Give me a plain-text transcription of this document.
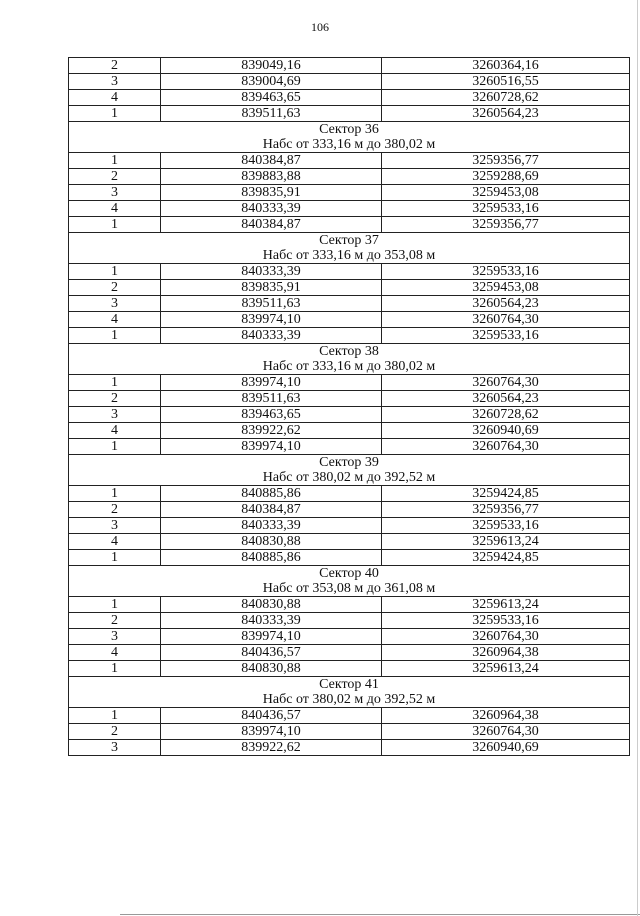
106
2	839049,16	3260364,16
3	839004,69	3260516,55
4	839463,65	3260728,62
1	839511,63	3260564,23
Сектор 36		
Набс от 333,16 м до 380,02 м		
1	840384,87	3259356,77
2	839883,88	3259288,69
3	839835,91	3259453,08
4	840333,39	3259533,16
1	840384,87	3259356,77
Сектор 37		
Набс от 333,16 м до 353,08 м		
1	840333,39	3259533,16
2	839835,91	3259453,08
3	839511,63	3260564,23
4	839974,10	3260764,30
1	840333,39	3259533,16
Сектор 38		
Набс от 333,16 м до 380,02 м		
1	839974,10	3260764,30
2	839511,63	3260564,23
3	839463,65	3260728,62
4	839922,62	3260940,69
1	839974,10	3260764,30
Сектор 39		
Набс от 380,02 м до 392,52 м		
1	840885,86	3259424,85
2	840384,87	3259356,77
3	840333,39	3259533,16
4	840830,88	3259613,24
1	840885,86	3259424,85
Сектор 40		
Набс от 353,08 м до 361,08 м		
1	840830,88	3259613,24
2	840333,39	3259533,16
3	839974,10	3260764,30
4	840436,57	3260964,38
1	840830,88	3259613,24
Сектор 41		
Набс от 380,02 м до 392,52 м		
1	840436,57	3260964,38
2	839974,10	3260764,30
3	839922,62	3260940,69
